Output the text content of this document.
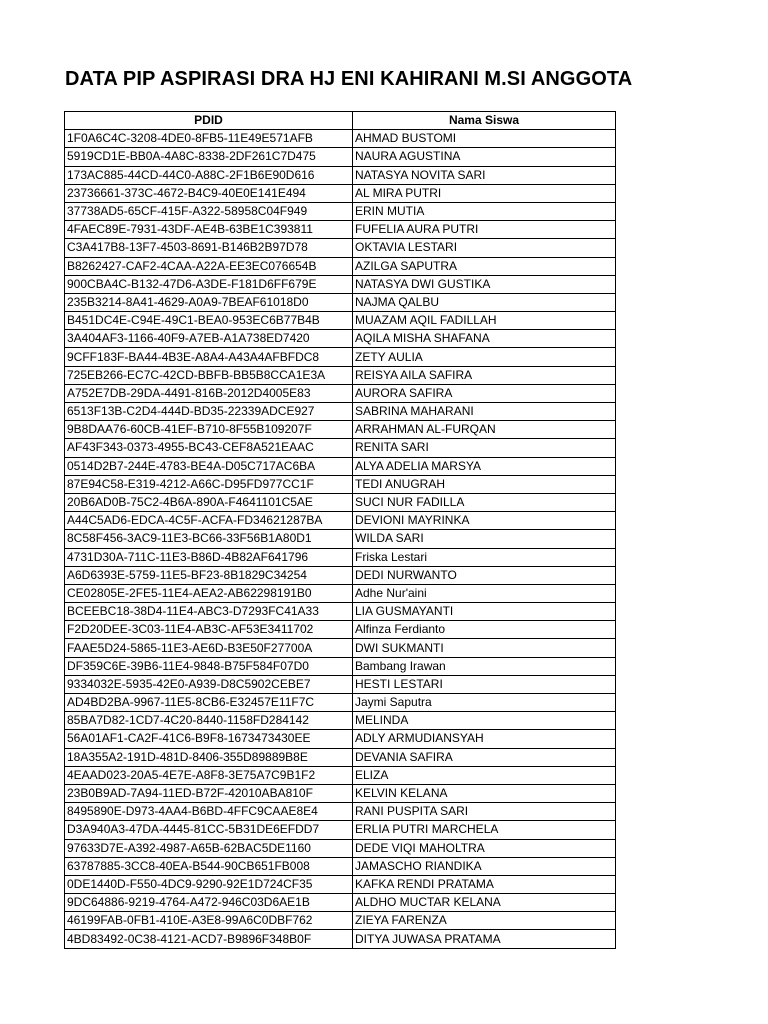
DATA PIP ASPIRASI DRA HJ ENI KAHIRANI M.SI ANGGOTA
PDID	Nama Siswa
1F0A6C4C-3208-4DE0-8FB5-11E49E571AFB	AHMAD BUSTOMI
5919CD1E-BB0A-4A8C-8338-2DF261C7D475	NAURA AGUSTINA
173AC885-44CD-44C0-A88C-2F1B6E90D616	NATASYA NOVITA SARI
23736661-373C-4672-B4C9-40E0E141E494	AL MIRA PUTRI
37738AD5-65CF-415F-A322-58958C04F949	ERIN MUTIA
4FAEC89E-7931-43DF-AE4B-63BE1C393811	FUFELIA AURA PUTRI
C3A417B8-13F7-4503-8691-B146B2B97D78	OKTAVIA LESTARI
B8262427-CAF2-4CAA-A22A-EE3EC076654B	AZILGA SAPUTRA
900CBA4C-B132-47D6-A3DE-F181D6FF679E	NATASYA DWI GUSTIKA
235B3214-8A41-4629-A0A9-7BEAF61018D0	NAJMA QALBU
B451DC4E-C94E-49C1-BEA0-953EC6B77B4B	MUAZAM AQIL FADILLAH
3A404AF3-1166-40F9-A7EB-A1A738ED7420	AQILA MISHA SHAFANA
9CFF183F-BA44-4B3E-A8A4-A43A4AFBFDC8	ZETY AULIA
725EB266-EC7C-42CD-BBFB-BB5B8CCA1E3A	REISYA AILA SAFIRA
A752E7DB-29DA-4491-816B-2012D4005E83	AURORA SAFIRA
6513F13B-C2D4-444D-BD35-22339ADCE927	SABRINA MAHARANI
9B8DAA76-60CB-41EF-B710-8F55B109207F	ARRAHMAN AL-FURQAN
AF43F343-0373-4955-BC43-CEF8A521EAAC	RENITA SARI
0514D2B7-244E-4783-BE4A-D05C717AC6BA	ALYA ADELIA MARSYA
87E94C58-E319-4212-A66C-D95FD977CC1F	TEDI ANUGRAH
20B6AD0B-75C2-4B6A-890A-F4641101C5AE	SUCI NUR FADILLA
A44C5AD6-EDCA-4C5F-ACFA-FD34621287BA	DEVIONI MAYRINKA
8C58F456-3AC9-11E3-BC66-33F56B1A80D1	WILDA SARI
4731D30A-711C-11E3-B86D-4B82AF641796	Friska Lestari
A6D6393E-5759-11E5-BF23-8B1829C34254	DEDI NURWANTO
CE02805E-2FE5-11E4-AEA2-AB62298191B0	Adhe Nur'aini
BCEEBC18-38D4-11E4-ABC3-D7293FC41A33	LIA GUSMAYANTI
F2D20DEE-3C03-11E4-AB3C-AF53E3411702	Alfinza Ferdianto
FAAE5D24-5865-11E3-AE6D-B3E50F27700A	DWI SUKMANTI
DF359C6E-39B6-11E4-9848-B75F584F07D0	Bambang Irawan
9334032E-5935-42E0-A939-D8C5902CEBE7	HESTI LESTARI
AD4BD2BA-9967-11E5-8CB6-E32457E11F7C	Jaymi Saputra
85BA7D82-1CD7-4C20-8440-1158FD284142	MELINDA
56A01AF1-CA2F-41C6-B9F8-1673473430EE	ADLY ARMUDIANSYAH
18A355A2-191D-481D-8406-355D89889B8E	DEVANIA SAFIRA
4EAAD023-20A5-4E7E-A8F8-3E75A7C9B1F2	ELIZA
23B0B9AD-7A94-11ED-B72F-42010ABA810F	KELVIN KELANA
8495890E-D973-4AA4-B6BD-4FFC9CAAE8E4	RANI PUSPITA SARI
D3A940A3-47DA-4445-81CC-5B31DE6EFDD7	ERLIA PUTRI MARCHELA
97633D7E-A392-4987-A65B-62BAC5DE1160	DEDE VIQI MAHOLTRA
63787885-3CC8-40EA-B544-90CB651FB008	JAMASCHO RIANDIKA
0DE1440D-F550-4DC9-9290-92E1D724CF35	KAFKA RENDI PRATAMA
9DC64886-9219-4764-A472-946C03D6AE1B	ALDHO MUCTAR KELANA
46199FAB-0FB1-410E-A3E8-99A6C0DBF762	ZIEYA FARENZA
4BD83492-0C38-4121-ACD7-B9896F348B0F	DITYA JUWASA PRATAMA
